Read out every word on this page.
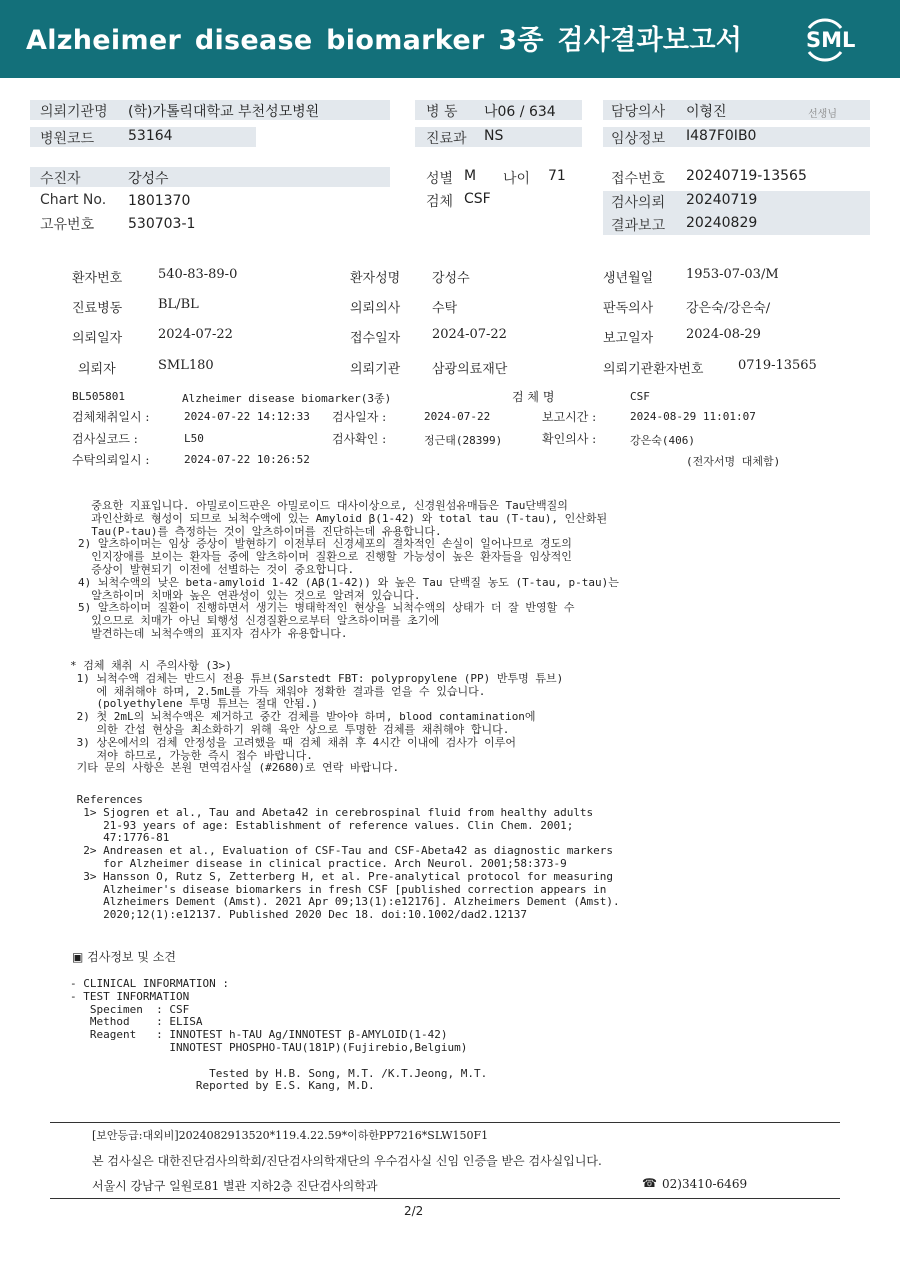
Alzheimer disease biomarker 3종 검사결과보고서	SML
의뢰기관명 (학)가톨릭대학교 부천성모병원
병원코드 53164
병 동 나06 / 634
진료과 NS
담당의사 이형진	선생님
임상정보 I487F0IB0
수진자	강성수
Chart No. 1801370
고유번호 530703-1
성별 M 나이 71
검체 CSF
접수번호 20240719-13565
검사의뢰 20240719
결과보고 20240829
환자번호	540-83-89-0	환자성명 강성수	생년월일	1953-07-03/M
진료병동	BL/BL	의뢰의사 수탁	판독의사	강은숙/강은숙/
의뢰일자	2024-07-22	접수일자 2024-07-22	보고일자	2024-08-29
의뢰자	SML180	의뢰기관 삼광의료재단	의뢰기관환자번호	0719-13565
BL505801	Alzheimer disease biomarker(3종)	검 체 명	CSF
검체채취일시 :	2024-07-22 14:12:33 검사일자 :	2024-07-22	보고시간 :	2024-08-29 11:01:07
검사실코드 :	L50	검사확인 :	정근태(28399)	확인의사 :	강은숙(406)
수탁의뢰일시 :	2024-07-22 10:26:52	(전자서명 대체함)
중요한 지표입니다. 아밀로이드판은 아밀로이드 대사이상으로, 신경원섬유매듭은 Tau단백질의
과인산화로 형성이 되므로 뇌척수액에 있는 Amyloid β(1-42) 와 total tau (T-tau), 인산화된
Tau(P-tau)를 측정하는 것이 알츠하이머를 진단하는데 유용합니다.
2) 알츠하이머는 임상 증상이 발현하기 이전부터 신경세포의 결차적인 손실이 일어나므로 경도의
인지장애를 보이는 환자들 중에 알츠하이머 질환으로 진행할 가능성이 높은 환자들을 임상적인
증상이 발현되기 이전에 선별하는 것이 중요합니다.
4) 뇌척수액의 낮은 beta-amyloid 1-42 (Aβ(1-42)) 와 높은 Tau 단백질 농도 (T-tau, p-tau)는
알츠하이머 치매와 높은 연관성이 있는 것으로 알려져 있습니다.
5) 알츠하이머 질환이 진행하면서 생기는 병태학적인 현상을 뇌척수액의 상태가 더 잘 반영할 수
있으므로 치매가 아닌 퇴행성 신경질환으로부터 알츠하이머를 초기에
발견하는데 뇌척수액의 표지자 검사가 유용합니다.
* 검체 채취 시 주의사항 (3>)
1) 뇌척수액 검체는 반드시 전용 튜브(Sarstedt FBT: polypropylene (PP) 반투명 튜브)
에 채취해야 하며, 2.5mL를 가득 채워야 정확한 결과를 얻을 수 있습니다.
(polyethylene 투명 튜브는 절대 안됨.)
2) 첫 2mL의 뇌척수액은 제거하고 중간 검체를 받아야 하며, blood contamination에
의한 간섭 현상을 최소화하기 위해 육안 상으로 투명한 검체를 채취해야 합니다.
3) 상온에서의 검체 안정성을 고려했을 때 검체 채취 후 4시간 이내에 검사가 이루어
져야 하므로, 가능한 즉시 접수 바랍니다.
기타 문의 사항은 본원 면역검사실 (#2680)로 연락 바랍니다.
References
1> Sjogren et al., Tau and Abeta42 in cerebrospinal fluid from healthy adults
21-93 years of age: Establishment of reference values. Clin Chem. 2001;
47:1776-81
2> Andreasen et al., Evaluation of CSF-Tau and CSF-Abeta42 as diagnostic markers
for Alzheimer disease in clinical practice. Arch Neurol. 2001;58:373-9
3> Hansson O, Rutz S, Zetterberg H, et al. Pre-analytical protocol for measuring
Alzheimer's disease biomarkers in fresh CSF [published correction appears in
Alzheimers Dement (Amst). 2021 Apr 09;13(1):e12176]. Alzheimers Dement (Amst).
2020;12(1):e12137. Published 2020 Dec 18. doi:10.1002/dad2.12137
▣ 검사정보 및 소견
- CLINICAL INFORMATION :
- TEST INFORMATION
Specimen  : CSF
Method    : ELISA
Reagent   : INNOTEST h-TAU Ag/INNOTEST β-AMYLOID(1-42)
INNOTEST PHOSPHO-TAU(181P)(Fujirebio,Belgium)

Tested by H.B. Song, M.T. /K.T.Jeong, M.T.
Reported by E.S. Kang, M.D.
[보안등급:대외비]2024082913520*119.4.22.59*이하한PP7216*SLW150F1
본 검사실은 대한진단검사의학회/진단검사의학재단의 우수검사실 신임 인증을 받은 검사실입니다.
서울시 강남구 일원로81 별관 지하2층 진단검사의학과	☎ 02)3410-6469
2/2
